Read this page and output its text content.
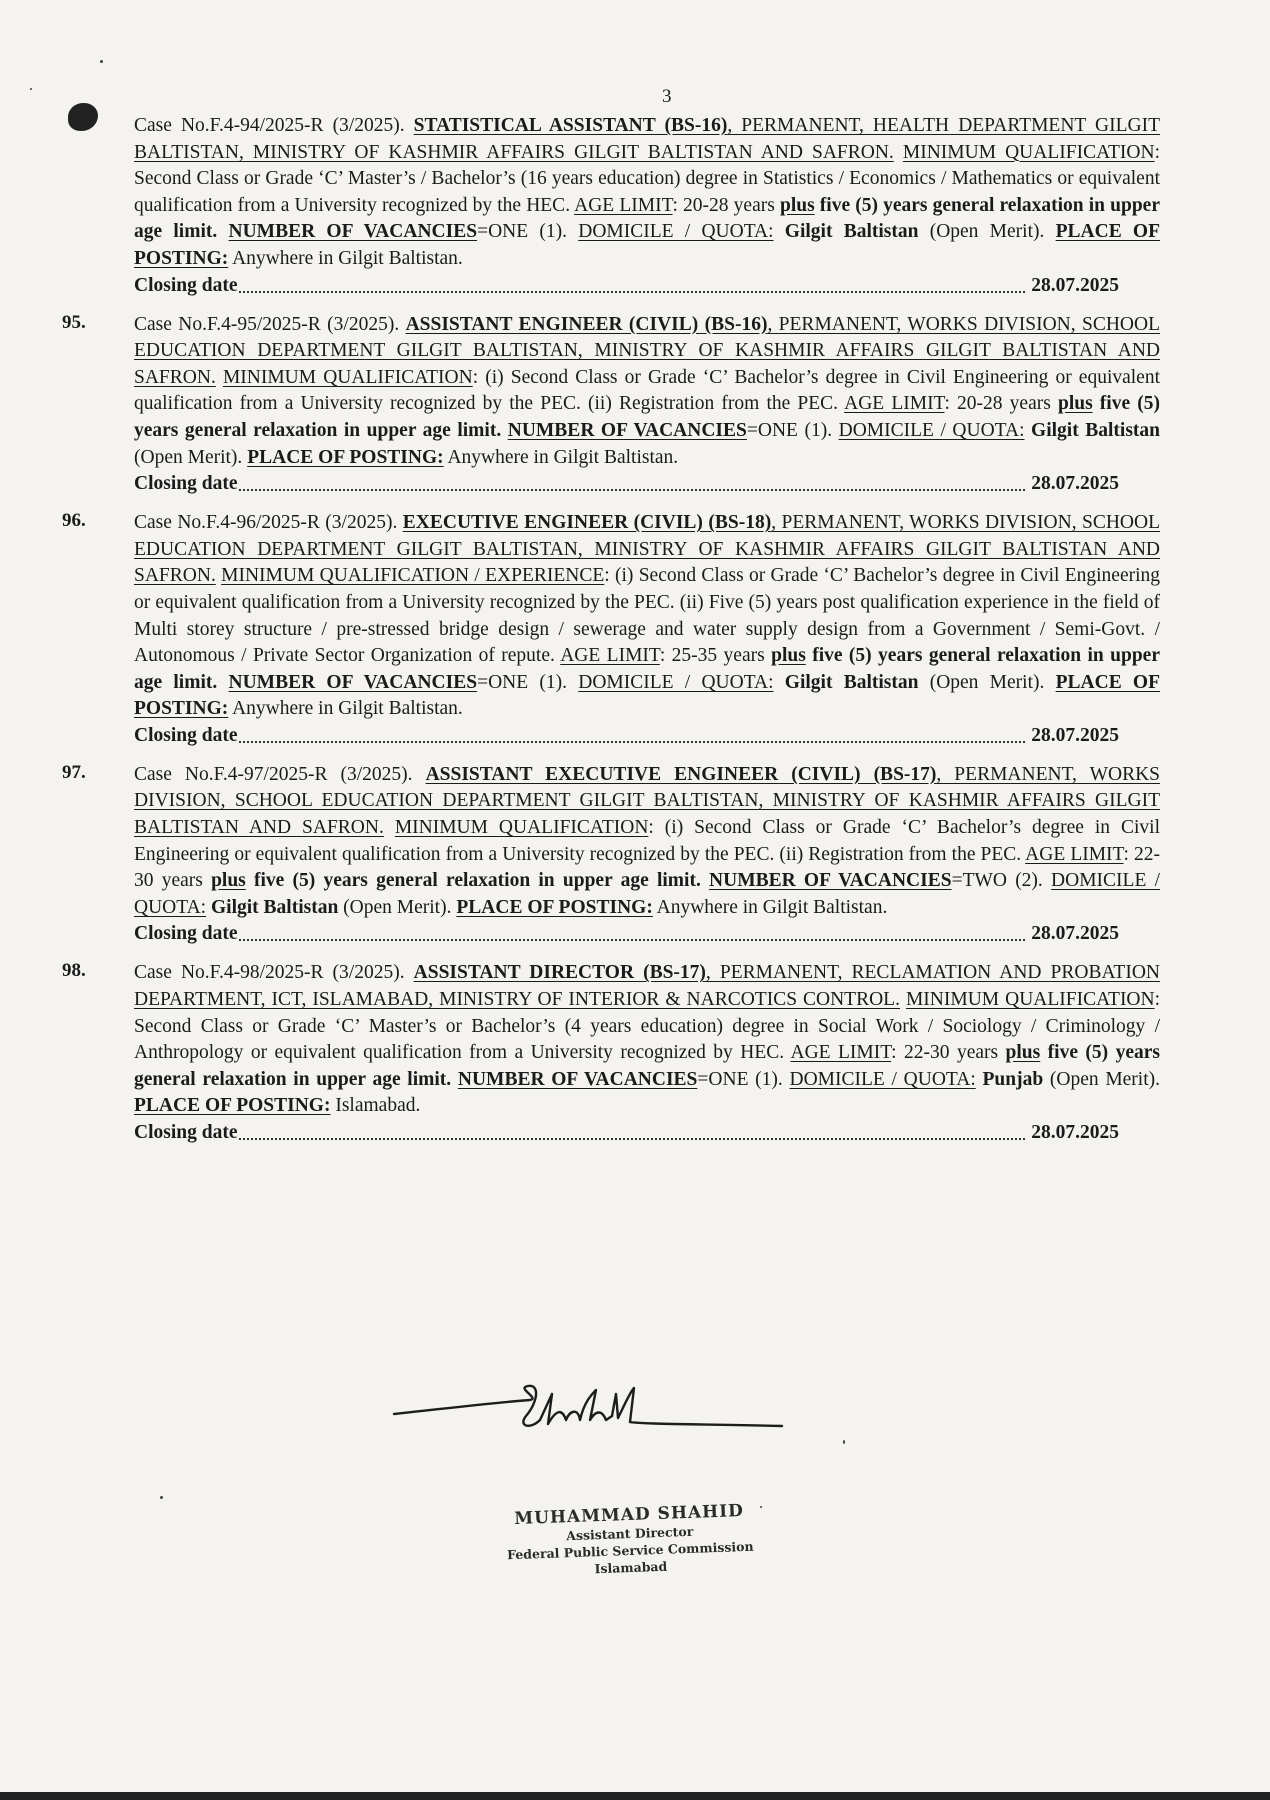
3
Case No.F.4-94/2025-R (3/2025). STATISTICAL ASSISTANT (BS-16), PERMANENT, HEALTH DEPARTMENT GILGIT BALTISTAN, MINISTRY OF KASHMIR AFFAIRS GILGIT BALTISTAN AND SAFRON. MINIMUM QUALIFICATION: Second Class or Grade ‘C’ Master’s / Bachelor’s (16 years education) degree in Statistics / Economics / Mathematics or equivalent qualification from a University recognized by the HEC. AGE LIMIT: 20-28 years plus five (5) years general relaxation in upper age limit. NUMBER OF VACANCIES=ONE (1). DOMICILE / QUOTA: Gilgit Baltistan (Open Merit). PLACE OF POSTING: Anywhere in Gilgit Baltistan.
Closing date	28.07.2025
95.	Case No.F.4-95/2025-R (3/2025). ASSISTANT ENGINEER (CIVIL) (BS-16), PERMANENT, WORKS DIVISION, SCHOOL EDUCATION DEPARTMENT GILGIT BALTISTAN, MINISTRY OF KASHMIR AFFAIRS GILGIT BALTISTAN AND SAFRON. MINIMUM QUALIFICATION: (i) Second Class or Grade ‘C’ Bachelor’s degree in Civil Engineering or equivalent qualification from a University recognized by the PEC. (ii) Registration from the PEC. AGE LIMIT: 20-28 years plus five (5) years general relaxation in upper age limit. NUMBER OF VACANCIES=ONE (1). DOMICILE / QUOTA: Gilgit Baltistan (Open Merit). PLACE OF POSTING: Anywhere in Gilgit Baltistan.
Closing date	28.07.2025
96.	Case No.F.4-96/2025-R (3/2025). EXECUTIVE ENGINEER (CIVIL) (BS-18), PERMANENT, WORKS DIVISION, SCHOOL EDUCATION DEPARTMENT GILGIT BALTISTAN, MINISTRY OF KASHMIR AFFAIRS GILGIT BALTISTAN AND SAFRON. MINIMUM QUALIFICATION / EXPERIENCE: (i) Second Class or Grade ‘C’ Bachelor’s degree in Civil Engineering or equivalent qualification from a University recognized by the PEC. (ii) Five (5) years post qualification experience in the field of Multi storey structure / pre-stressed bridge design / sewerage and water supply design from a Government / Semi-Govt. / Autonomous / Private Sector Organization of repute. AGE LIMIT: 25-35 years plus five (5) years general relaxation in upper age limit. NUMBER OF VACANCIES=ONE (1). DOMICILE / QUOTA: Gilgit Baltistan (Open Merit). PLACE OF POSTING: Anywhere in Gilgit Baltistan.
Closing date	28.07.2025
97.	Case No.F.4-97/2025-R (3/2025). ASSISTANT EXECUTIVE ENGINEER (CIVIL) (BS-17), PERMANENT, WORKS DIVISION, SCHOOL EDUCATION DEPARTMENT GILGIT BALTISTAN, MINISTRY OF KASHMIR AFFAIRS GILGIT BALTISTAN AND SAFRON. MINIMUM QUALIFICATION: (i) Second Class or Grade ‘C’ Bachelor’s degree in Civil Engineering or equivalent qualification from a University recognized by the PEC. (ii) Registration from the PEC. AGE LIMIT: 22-30 years plus five (5) years general relaxation in upper age limit. NUMBER OF VACANCIES=TWO (2). DOMICILE / QUOTA: Gilgit Baltistan (Open Merit). PLACE OF POSTING: Anywhere in Gilgit Baltistan.
Closing date	28.07.2025
98.	Case No.F.4-98/2025-R (3/2025). ASSISTANT DIRECTOR (BS-17), PERMANENT, RECLAMATION AND PROBATION DEPARTMENT, ICT, ISLAMABAD, MINISTRY OF INTERIOR & NARCOTICS CONTROL. MINIMUM QUALIFICATION: Second Class or Grade ‘C’ Master’s or Bachelor’s (4 years education) degree in Social Work / Sociology / Criminology / Anthropology or equivalent qualification from a University recognized by HEC. AGE LIMIT: 22-30 years plus five (5) years general relaxation in upper age limit. NUMBER OF VACANCIES=ONE (1). DOMICILE / QUOTA: Punjab (Open Merit). PLACE OF POSTING: Islamabad.
Closing date	28.07.2025
MUHAMMAD SHAHID
Assistant Director
Federal Public Service Commission
Islamabad
